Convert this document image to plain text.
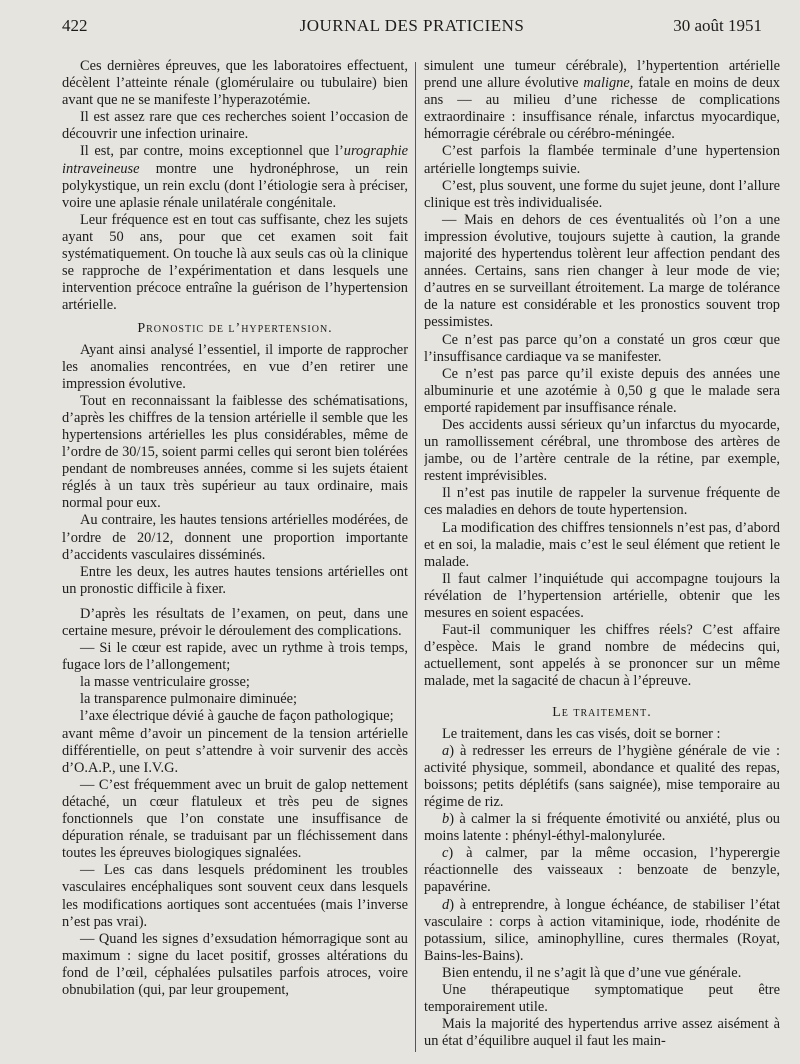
422	JOURNAL DES PRATICIENS	30 août 1951

Ces dernières épreuves, que les laboratoires effectuent, décèlent l’atteinte rénale (glomérulaire ou tubulaire) bien avant que ne se manifeste l’hyperazotémie.

Il est assez rare que ces recherches soient l’occasion de découvrir une infection urinaire.

Il est, par contre, moins exceptionnel que l’urographie intraveineuse montre une hydronéphrose, un rein polykystique, un rein exclu (dont l’étiologie sera à préciser, voire une aplasie rénale unilatérale congénitale.

Leur fréquence est en tout cas suffisante, chez les sujets ayant 50 ans, pour que cet examen soit fait systématiquement. On touche là aux seuls cas où la clinique se rapproche de l’expérimentation et dans lesquels une intervention précoce entraîne la guérison de l’hypertension artérielle.

Pronostic de l’hypertension.

Ayant ainsi analysé l’essentiel, il importe de rapprocher les anomalies rencontrées, en vue d’en retirer une impression évolutive.

Tout en reconnaissant la faiblesse des schématisations, d’après les chiffres de la tension artérielle il semble que les hypertensions artérielles les plus considérables, même de l’ordre de 30/15, soient parmi celles qui seront bien tolérées pendant de nombreuses années, comme si les sujets étaient réglés à un taux très supérieur au taux ordinaire, mais normal pour eux.

Au contraire, les hautes tensions artérielles modérées, de l’ordre de 20/12, donnent une proportion importante d’accidents vasculaires disséminés.

Entre les deux, les autres hautes tensions artérielles ont un pronostic difficile à fixer.

D’après les résultats de l’examen, on peut, dans une certaine mesure, prévoir le déroulement des complications.

— Si le cœur est rapide, avec un rythme à trois temps, fugace lors de l’allongement;

la masse ventriculaire grosse;

la transparence pulmonaire diminuée;

l’axe électrique dévié à gauche de façon pathologique;

avant même d’avoir un pincement de la tension artérielle différentielle, on peut s’attendre à voir survenir des accès d’O.A.P., une I.V.G.

— C’est fréquemment avec un bruit de galop nettement détaché, un cœur flatuleux et très peu de signes fonctionnels que l’on constate une insuffisance de dépuration rénale, se traduisant par un fléchissement dans toutes les épreuves biologiques signalées.

— Les cas dans lesquels prédominent les troubles vasculaires encéphaliques sont souvent ceux dans lesquels les modifications aortiques sont accentuées (mais l’inverse n’est pas vrai).

— Quand les signes d’exsudation hémorragique sont au maximum : signe du lacet positif, grosses altérations du fond de l’œil, céphalées pulsatiles parfois atroces, voire obnubilation (qui, par leur groupement,

simulent une tumeur cérébrale), l’hypertention artérielle prend une allure évolutive maligne, fatale en moins de deux ans — au milieu d’une richesse de complications extraordinaire : insuffisance rénale, infarctus myocardique, hémorragie cérébrale ou cérébro-méningée.

C’est parfois la flambée terminale d’une hypertension artérielle longtemps suivie.

C’est, plus souvent, une forme du sujet jeune, dont l’allure clinique est très individualisée.

— Mais en dehors de ces éventualités où l’on a une impression évolutive, toujours sujette à caution, la grande majorité des hypertendus tolèrent leur affection pendant des années. Certains, sans rien changer à leur mode de vie; d’autres en se surveillant étroitement. La marge de tolérance de la nature est considérable et les pronostics souvent trop pessimistes.

Ce n’est pas parce qu’on a constaté un gros cœur que l’insuffisance cardiaque va se manifester.

Ce n’est pas parce qu’il existe depuis des années une albuminurie et une azotémie à 0,50 g que le malade sera emporté rapidement par insuffisance rénale.

Des accidents aussi sérieux qu’un infarctus du myocarde, un ramollissement cérébral, une thrombose des artères de jambe, ou de l’artère centrale de la rétine, par exemple, restent imprévisibles.

Il n’est pas inutile de rappeler la survenue fréquente de ces maladies en dehors de toute hypertension.

La modification des chiffres tensionnels n’est pas, d’abord et en soi, la maladie, mais c’est le seul élément que retient le malade.

Il faut calmer l’inquiétude qui accompagne toujours la révélation de l’hypertension artérielle, obtenir que les mesures en soient espacées.

Faut-il communiquer les chiffres réels? C’est affaire d’espèce. Mais le grand nombre de médecins qui, actuellement, sont appelés à se prononcer sur un même malade, met la sagacité de chacun à l’épreuve.

Le traitement.

Le traitement, dans les cas visés, doit se borner :

a) à redresser les erreurs de l’hygiène générale de vie : activité physique, sommeil, abondance et qualité des repas, boissons; petits déplétifs (sans saignée), mise temporaire au régime de riz.

b) à calmer la si fréquente émotivité ou anxiété, plus ou moins latente : phényl-éthyl-malonylurée.

c) à calmer, par la même occasion, l’hyperergie réactionnelle des vaisseaux : benzoate de benzyle, papavérine.

d) à entreprendre, à longue échéance, de stabiliser l’état vasculaire : corps à action vitaminique, iode, rhodénite de potassium, silice, aminophylline, cures thermales (Royat, Bains-les-Bains).

Bien entendu, il ne s’agit là que d’une vue générale.

Une thérapeutique symptomatique peut être temporairement utile.

Mais la majorité des hypertendus arrive assez aisément à un état d’équilibre auquel il faut les main-
